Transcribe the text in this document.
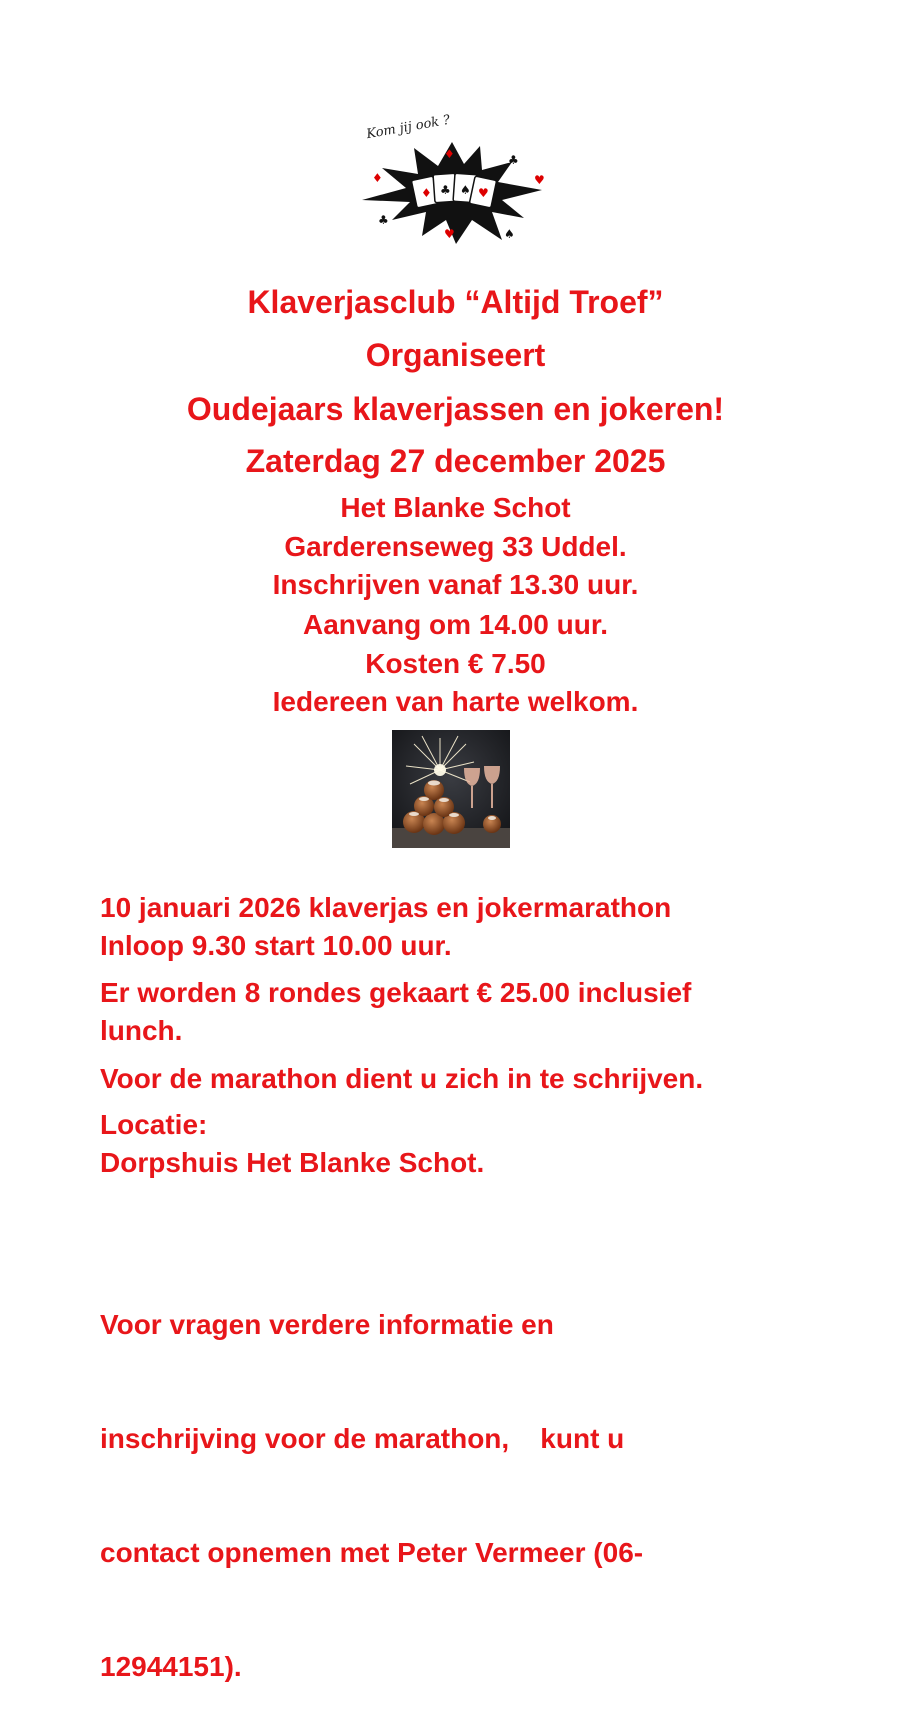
♦ ♣ ♠ ♥
♦
♦	♣
♥
♣
♥	♠
Kom jij ook ?
Klaverjasclub “Altijd Troef”
Organiseert
Oudejaars klaverjassen en jokeren!
Zaterdag 27 december 2025
Het Blanke Schot
Garderenseweg 33 Uddel.
Inschrijven vanaf 13.30 uur.
Aanvang om 14.00 uur.
Kosten € 7.50
Iedereen van harte welkom.
10 januari 2026 klaverjas en jokermarathon
Inloop 9.30 start 10.00 uur.
Er worden 8 rondes gekaart € 25.00 inclusief
lunch.
Voor de marathon dient u zich in te schrijven.
Locatie:
Dorpshuis Het Blanke Schot.

Voor vragen verdere informatie en

inschrijving voor de marathon,    kunt u

contact opnemen met Peter Vermeer (06-

12944151).
